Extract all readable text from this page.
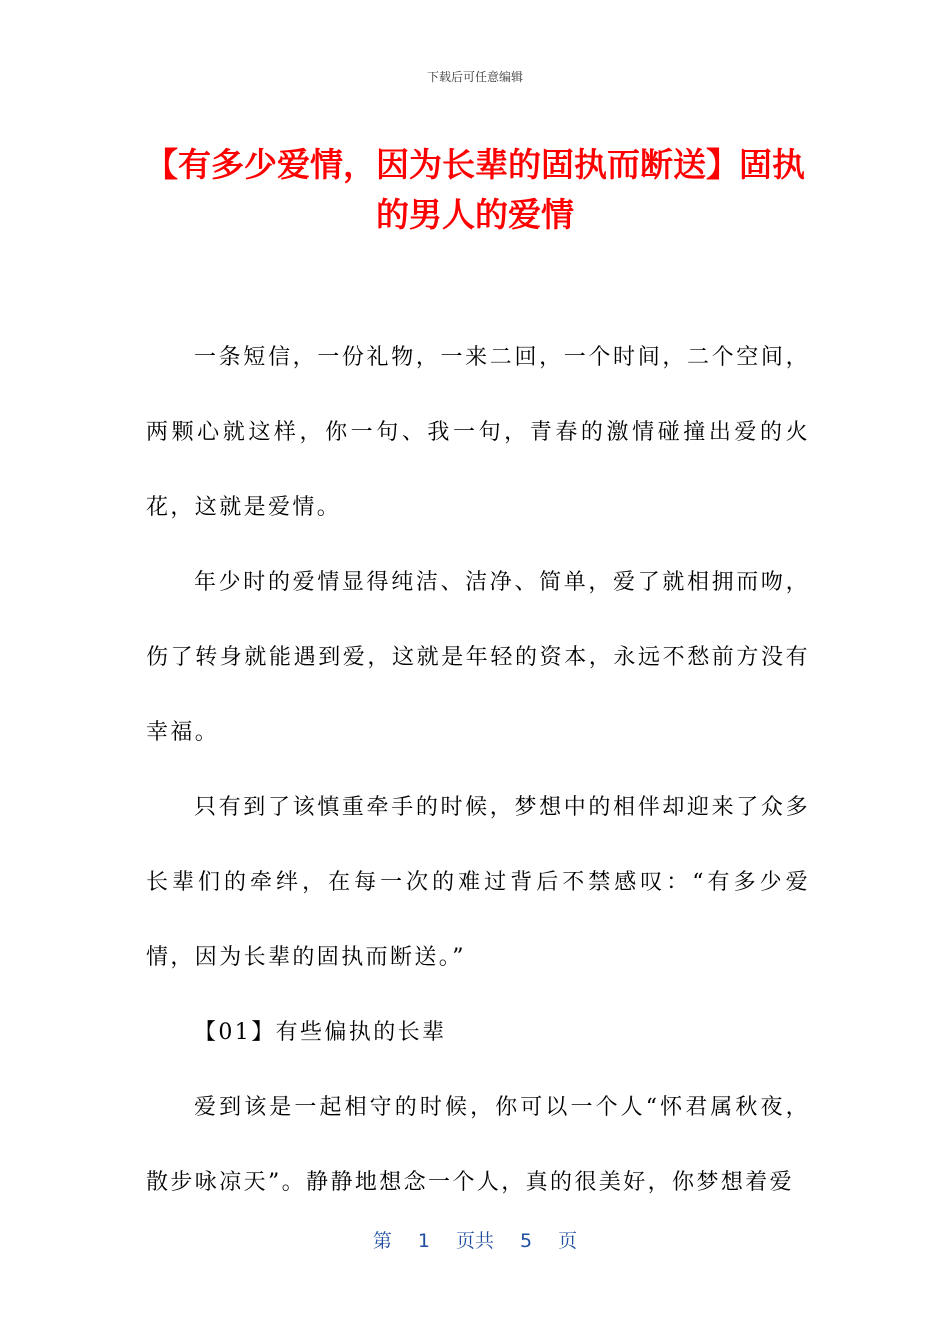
下载后可任意编辑
【有多少爱情，因为长辈的固执而断送】固执的男人的爱情

一条短信，一份礼物，一来二回，一个时间，二个空间，两颗心就这样，你一句、我一句，青春的激情碰撞出爱的火花，这就是爱情。

年少时的爱情显得纯洁、洁净、简单，爱了就相拥而吻，伤了转身就能遇到爱，这就是年轻的资本，永远不愁前方没有幸福。

只有到了该慎重牵手的时候，梦想中的相伴却迎来了众多长辈们的牵绊，在每一次的难过背后不禁感叹：“有多少爱情，因为长辈的固执而断送。”

【01】有些偏执的长辈

爱到该是一起相守的时候，你可以一个人“怀君属秋夜，散步咏凉天”。静静地想念一个人，真的很美好，你梦想着爱

第 1 页共 5 页
